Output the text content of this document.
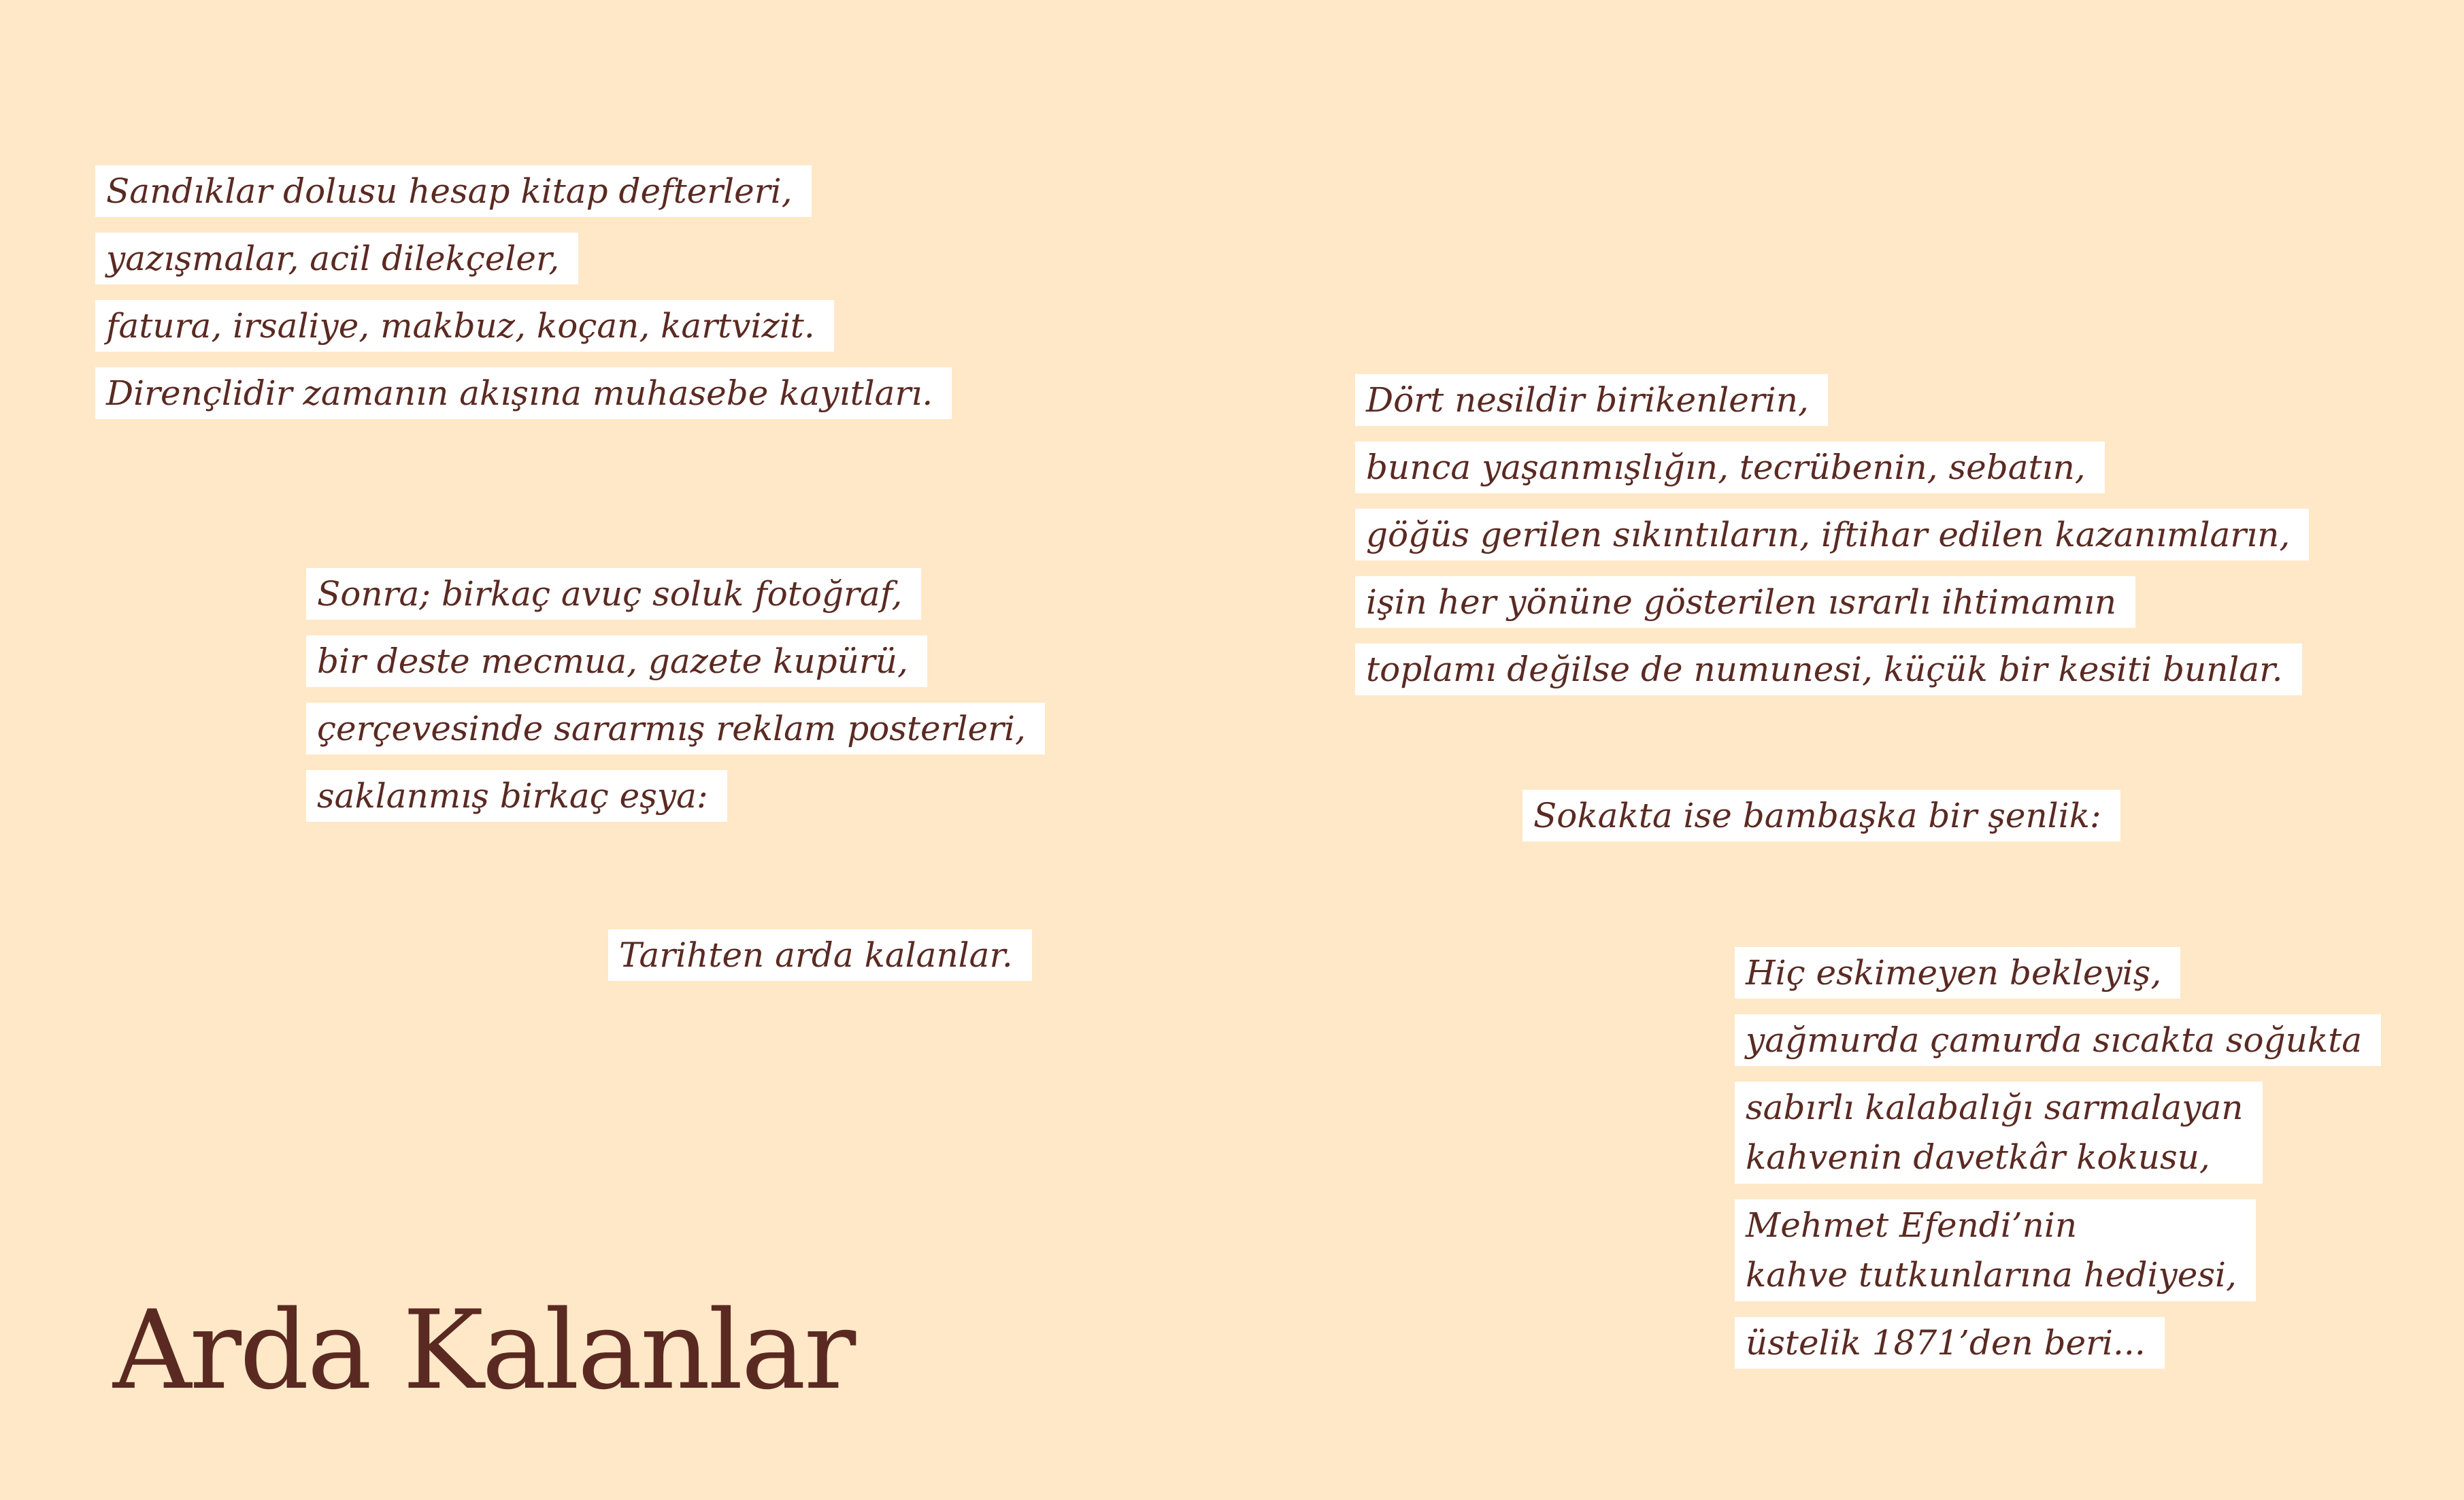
Sandıklar dolusu hesap kitap defterleri,
yazışmalar, acil dilekçeler,
fatura, irsaliye, makbuz, koçan, kartvizit.
Dirençlidir zamanın akışına muhasebe kayıtları.
Sonra; birkaç avuç soluk fotoğraf,
bir deste mecmua, gazete kupürü,
çerçevesinde sararmış reklam posterleri,
saklanmış birkaç eşya:
Tarihten arda kalanlar.
Dört nesildir birikenlerin,
bunca yaşanmışlığın, tecrübenin, sebatın,
göğüs gerilen sıkıntıların, iftihar edilen kazanımların,
işin her yönüne gösterilen ısrarlı ihtimamın
toplamı değilse de numunesi, küçük bir kesiti bunlar.
Sokakta ise bambaşka bir şenlik:
Hiç eskimeyen bekleyiş,
yağmurda çamurda sıcakta soğukta
sabırlı kalabalığı sarmalayan
kahvenin davetkâr kokusu,
Mehmet Efendi’nin
kahve tutkunlarına hediyesi,
üstelik 1871’den beri...
Arda Kalanlar
